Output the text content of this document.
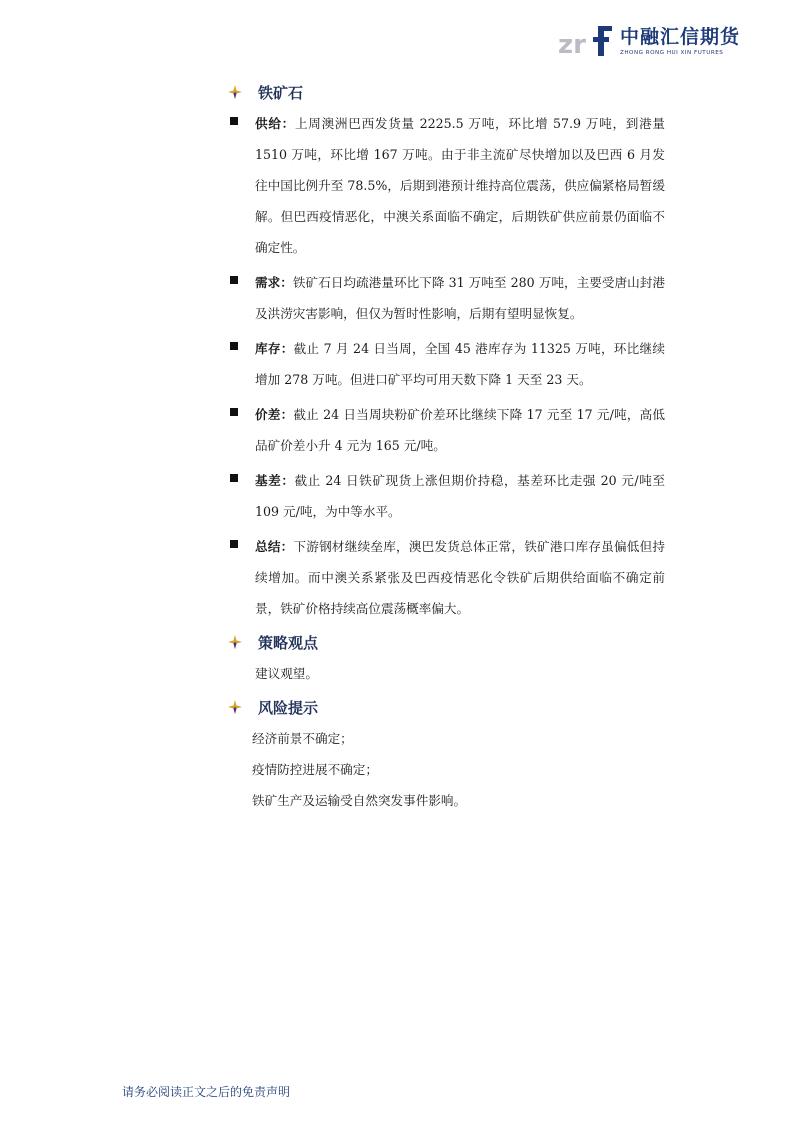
zr 中融汇信期货
ZHONG RONG HUI XIN FUTURES
铁矿石
供给：上周澳洲巴西发货量 2225.5 万吨，环比增 57.9 万吨，到港量 1510 万吨，环比增 167 万吨。由于非主流矿尽快增加以及巴西 6 月发往中国比例升至 78.5%，后期到港预计维持高位震荡，供应偏紧格局暂缓解。但巴西疫情恶化，中澳关系面临不确定，后期铁矿供应前景仍面临不确定性。
需求：铁矿石日均疏港量环比下降 31 万吨至 280 万吨，主要受唐山封港及洪涝灾害影响，但仅为暂时性影响，后期有望明显恢复。
库存：截止 7 月 24 日当周，全国 45 港库存为 11325 万吨，环比继续增加 278 万吨。但进口矿平均可用天数下降 1 天至 23 天。
价差：截止 24 日当周块粉矿价差环比继续下降 17 元至 17 元/吨，高低品矿价差小升 4 元为 165 元/吨。
基差：截止 24 日铁矿现货上涨但期价持稳，基差环比走强 20 元/吨至 109 元/吨，为中等水平。
总结：下游钢材继续垒库，澳巴发货总体正常，铁矿港口库存虽偏低但持续增加。而中澳关系紧张及巴西疫情恶化令铁矿后期供给面临不确定前景，铁矿价格持续高位震荡概率偏大。
策略观点
建议观望。
风险提示
经济前景不确定；
疫情防控进展不确定；
铁矿生产及运输受自然突发事件影响。
请务必阅读正文之后的免责声明
